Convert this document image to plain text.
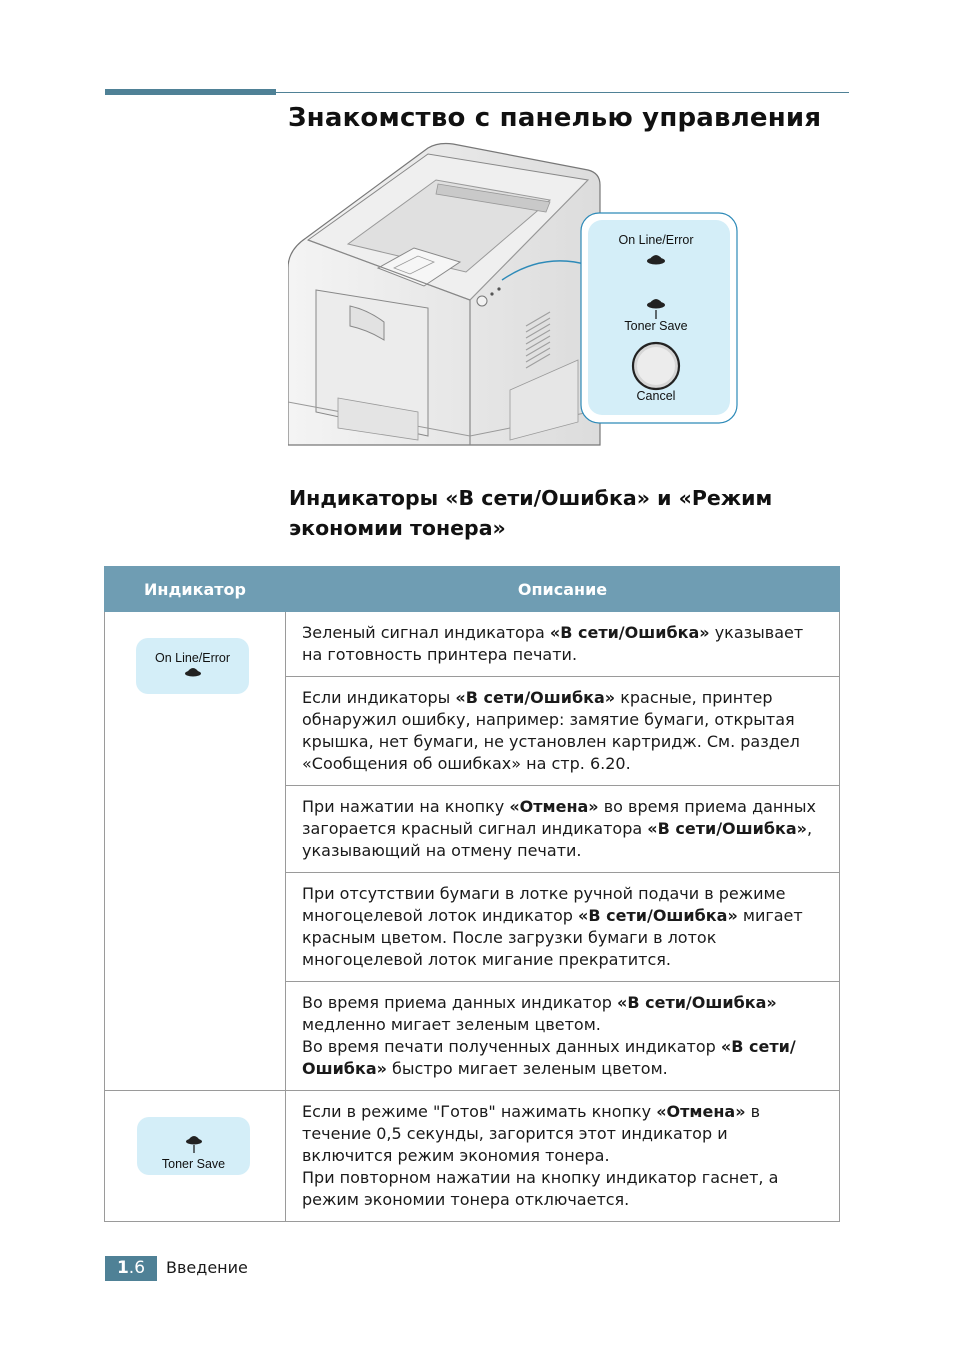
Знакомство с панелью управления
On Line/Error
Toner Save
Cancel
Индикаторы «В сети/Ошибка» и «Режим экономии тонера»
Индикатор	Описание

On Line/Error	Зеленый сигнал индикатора «В сети/Ошибка» указывает на готовность принтера печати.
	Если индикаторы «В сети/Ошибка» красные, принтер обнаружил ошибку, например: замятие бумаги, открытая крышка, нет бумаги, не установлен картридж. См. раздел «Сообщения об ошибках» на стр. 6.20.
	При нажатии на кнопку «Отмена» во время приема данных загорается красный сигнал индикатора «В сети/Ошибка», указывающий на отмену печати.
	При отсутствии бумаги в лотке ручной подачи в режиме многоцелевой лоток индикатор «В сети/Ошибка» мигает красным цветом. После загрузки бумаги в лоток многоцелевой лоток мигание прекратится.
	Во время приема данных индикатор «В сети/Ошибка» медленно мигает зеленым цветом.
Во время печати полученных данных индикатор «В сети/Ошибка» быстро мигает зеленым цветом.

Toner Save	Если в режиме "Готов" нажимать кнопку «Отмена» в течение 0,5 секунды, загорится этот индикатор и включится режим экономия тонера.
При повторном нажатии на кнопку индикатор гаснет, а режим экономии тонера отключается.
1.6	Введение
